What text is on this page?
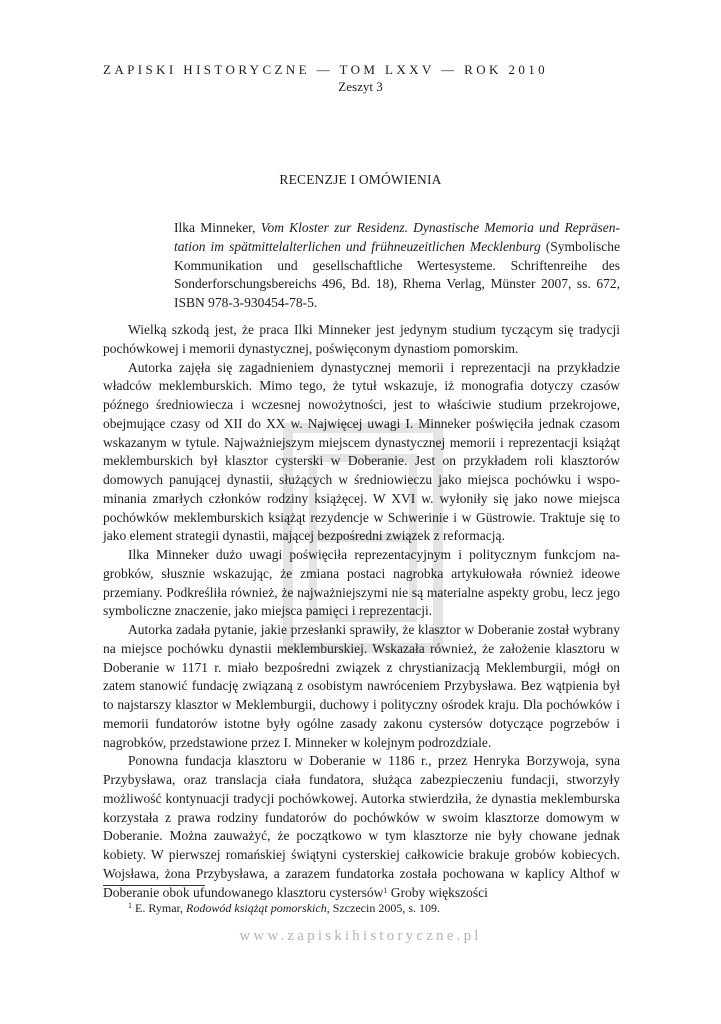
ZAPISKI HISTORYCZNE — TOM LXXV — ROK 2010
Zeszyt 3
RECENZJE I OMÓWIENIA

Ilka Minneker, Vom Kloster zur Residenz. Dynastische Memoria und Repräsentation im spätmittelalterlichen und frühneuzeitlichen Mecklenburg (Symbolische Kommunikation und gesellschaftliche Wertesysteme. Schriftenreihe des Sonderforschungsbereichs 496, Bd. 18), Rhema Verlag, Münster 2007, ss. 672, ISBN 978-3-930454-78-5.

Wielką szkodą jest, że praca Ilki Minneker jest jedynym studium tyczącym się tradycji pochówkowej i memorii dynastycznej, poświęconym dynastiom pomorskim.

Autorka zajęła się zagadnieniem dynastycznej memorii i reprezentacji na przykładzie władców meklemburskich. Mimo tego, że tytuł wskazuje, iż monografia dotyczy czasów późnego średniowiecza i wczesnej nowożytności, jest to właściwie studium przekrojowe, obejmujące czasy od XII do XX w. Najwięcej uwagi I. Minneker poświęciła jednak czasom wskazanym w tytule. Najważniejszym miejscem dynastycznej memorii i reprezentacji książąt meklemburskich był klasztor cysterski w Doberanie. Jest on przykładem roli klasztorów domowych panującej dynastii, służących w średniowieczu jako miejsca pochówku i wspominania zmarłych członków rodziny książęcej. W XVI w. wyłoniły się jako nowe miejsca pochówków meklemburskich książąt rezydencje w Schwerinie i w Güstrowie. Traktuje się to jako element strategii dynastii, mającej bezpośredni związek z reformacją.

Ilka Minneker dużo uwagi poświęciła reprezentacyjnym i politycznym funkcjom nagrobków, słusznie wskazując, że zmiana postaci nagrobka artykułowała również ideowe przemiany. Podkreśliła również, że najważniejszymi nie są materialne aspekty grobu, lecz jego symboliczne znaczenie, jako miejsca pamięci i reprezentacji.

Autorka zadała pytanie, jakie przesłanki sprawiły, że klasztor w Doberanie został wybrany na miejsce pochówku dynastii meklemburskiej. Wskazała również, że założenie klasztoru w Doberanie w 1171 r. miało bezpośredni związek z chrystianizacją Meklemburgii, mógł on zatem stanowić fundację związaną z osobistym nawróceniem Przybysława. Bez wątpienia był to najstarszy klasztor w Meklemburgii, duchowy i polityczny ośrodek kraju. Dla pochówków i memorii fundatorów istotne były ogólne zasady zakonu cystersów dotyczące pogrzebów i nagrobków, przedstawione przez I. Minneker w kolejnym podrozdziale.

Ponowna fundacja klasztoru w Doberanie w 1186 r., przez Henryka Borzywoja, syna Przybysława, oraz translacja ciała fundatora, służąca zabezpieczeniu fundacji, stworzyły możliwość kontynuacji tradycji pochówkowej. Autorka stwierdziła, że dynastia meklemburska korzystała z prawa rodziny fundatorów do pochówków w swoim klasztorze domowym w Doberanie. Można zauważyć, że początkowo w tym klasztorze nie były chowane jednak kobiety. W pierwszej romańskiej świątyni cysterskiej całkowicie brakuje grobów kobiecych. Wojsława, żona Przybysława, a zarazem fundatorka została pochowana w kaplicy Althof w Doberanie obok ufundowanego klasztoru cystersów$^1$ Groby większości

$^1$ E. Rymar, Rodowód książąt pomorskich, Szczecin 2005, s. 109.

www.zapiskihistoryczne.pl
